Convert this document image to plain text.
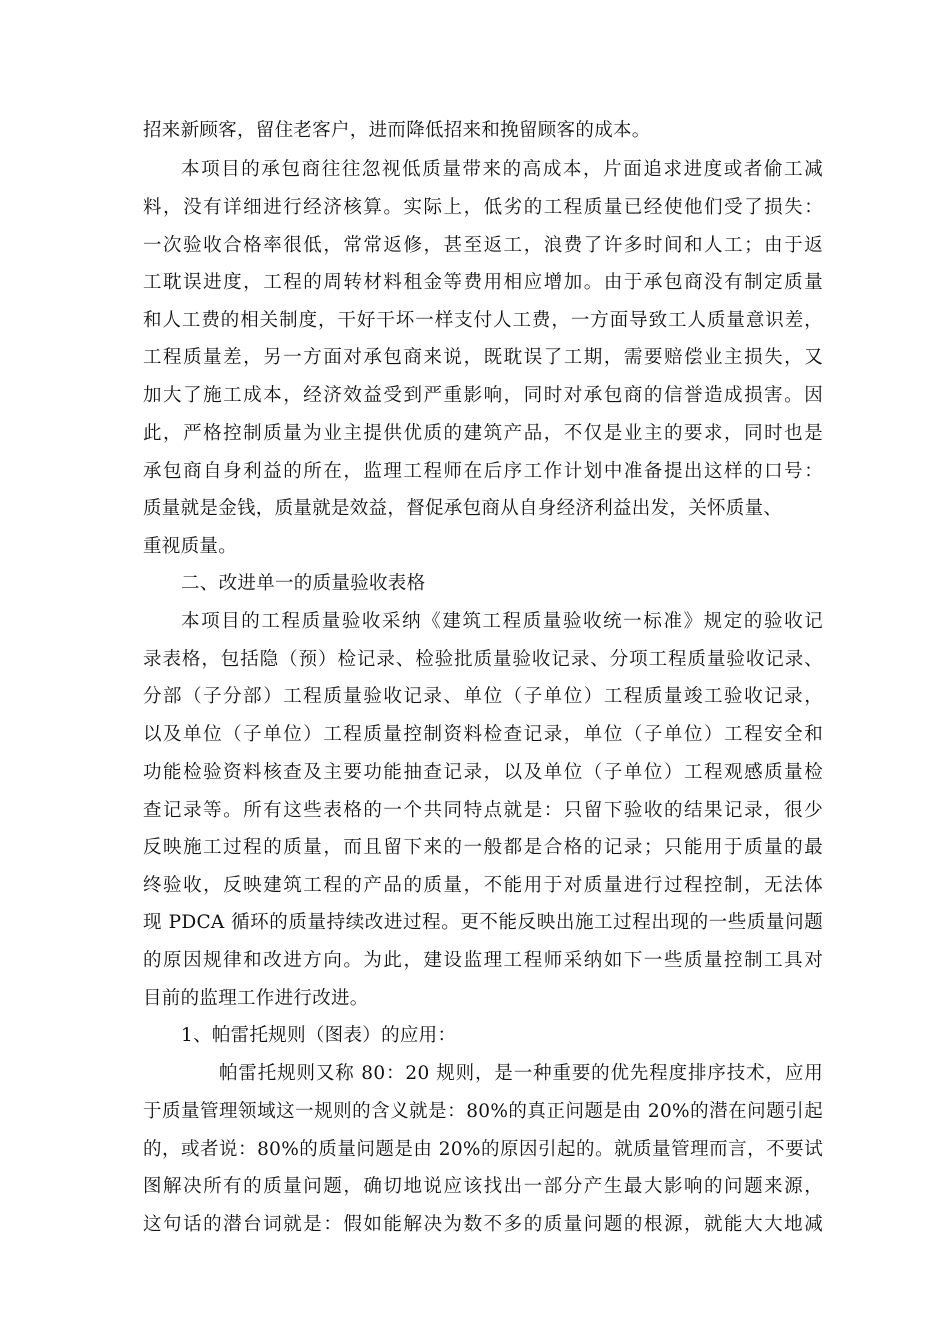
招来新顾客，留住老客户，进而降低招来和挽留顾客的成本。
本项目的承包商往往忽视低质量带来的高成本，片面追求进度或者偷工减
料，没有详细进行经济核算。实际上，低劣的工程质量已经使他们受了损失：
一次验收合格率很低，常常返修，甚至返工，浪费了许多时间和人工；由于返
工耽误进度，工程的周转材料租金等费用相应增加。由于承包商没有制定质量
和人工费的相关制度，干好干坏一样支付人工费，一方面导致工人质量意识差，
工程质量差，另一方面对承包商来说，既耽误了工期，需要赔偿业主损失，又
加大了施工成本，经济效益受到严重影响，同时对承包商的信誉造成损害。因
此，严格控制质量为业主提供优质的建筑产品，不仅是业主的要求，同时也是
承包商自身利益的所在，监理工程师在后序工作计划中准备提出这样的口号：
质量就是金钱，质量就是效益，督促承包商从自身经济利益出发，关怀质量、
重视质量。
二、改进单一的质量验收表格
本项目的工程质量验收采纳《建筑工程质量验收统一标准》规定的验收记
录表格，包括隐（预）检记录、检验批质量验收记录、分项工程质量验收记录、
分部（子分部）工程质量验收记录、单位（子单位）工程质量竣工验收记录，
以及单位（子单位）工程质量控制资料检查记录，单位（子单位）工程安全和
功能检验资料核查及主要功能抽查记录，以及单位（子单位）工程观感质量检
查记录等。所有这些表格的一个共同特点就是：只留下验收的结果记录，很少
反映施工过程的质量，而且留下来的一般都是合格的记录；只能用于质量的最
终验收，反映建筑工程的产品的质量，不能用于对质量进行过程控制，无法体
现 PDCA 循环的质量持续改进过程。更不能反映出施工过程出现的一些质量问题
的原因规律和改进方向。为此，建设监理工程师采纳如下一些质量控制工具对
目前的监理工作进行改进。
1、帕雷托规则（图表）的应用：
帕雷托规则又称 80：20 规则，是一种重要的优先程度排序技术，应用
于质量管理领域这一规则的含义就是：80%的真正问题是由 20%的潜在问题引起
的，或者说：80%的质量问题是由 20%的原因引起的。就质量管理而言，不要试
图解决所有的质量问题，确切地说应该找出一部分产生最大影响的问题来源，
这句话的潜台词就是：假如能解决为数不多的质量问题的根源，就能大大地减
